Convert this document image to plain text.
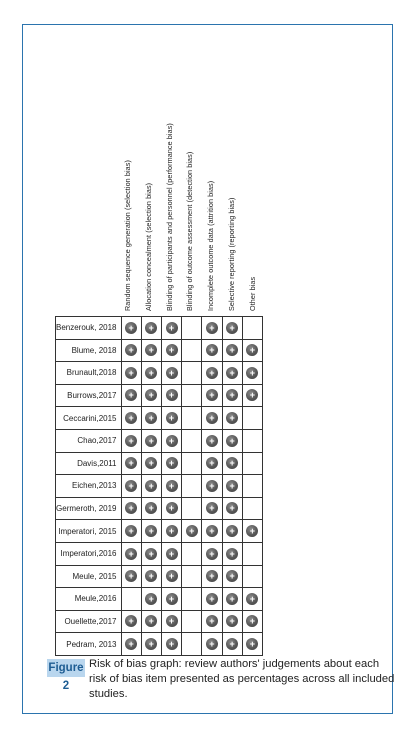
Random sequence generation (selection bias) Allocation concealment (selection bias) Blinding of participants and personnel (performance bias) Blinding of outcome assessment (detection bias) Incomplete outcome data (attrition bias) Selective reporting (reporting bias) Other bias
Benzerouk, 2018	+	+	+		+	+	
Blume, 2018	+	+	+		+	+	+
Brunault,2018	+	+	+		+	+	+
Burrows,2017	+	+	+		+	+	+
Ceccarini,2015	+	+	+		+	+	
Chao,2017	+	+	+		+	+	
Davis,2011	+	+	+		+	+	
Eichen,2013	+	+	+		+	+	
Germeroth, 2019	+	+	+		+	+	
Imperatori, 2015	+	+	+	+	+	+	+
Imperatori,2016	+	+	+		+	+	
Meule, 2015	+	+	+		+	+	
Meule,2016		+	+		+	+	+
Ouellette,2017	+	+	+		+	+	+
Pedram, 2013	+	+	+		+	+	+
Figure 2
Risk of bias graph: review authors' judgements about each risk of bias item presented as percentages across all included studies.
